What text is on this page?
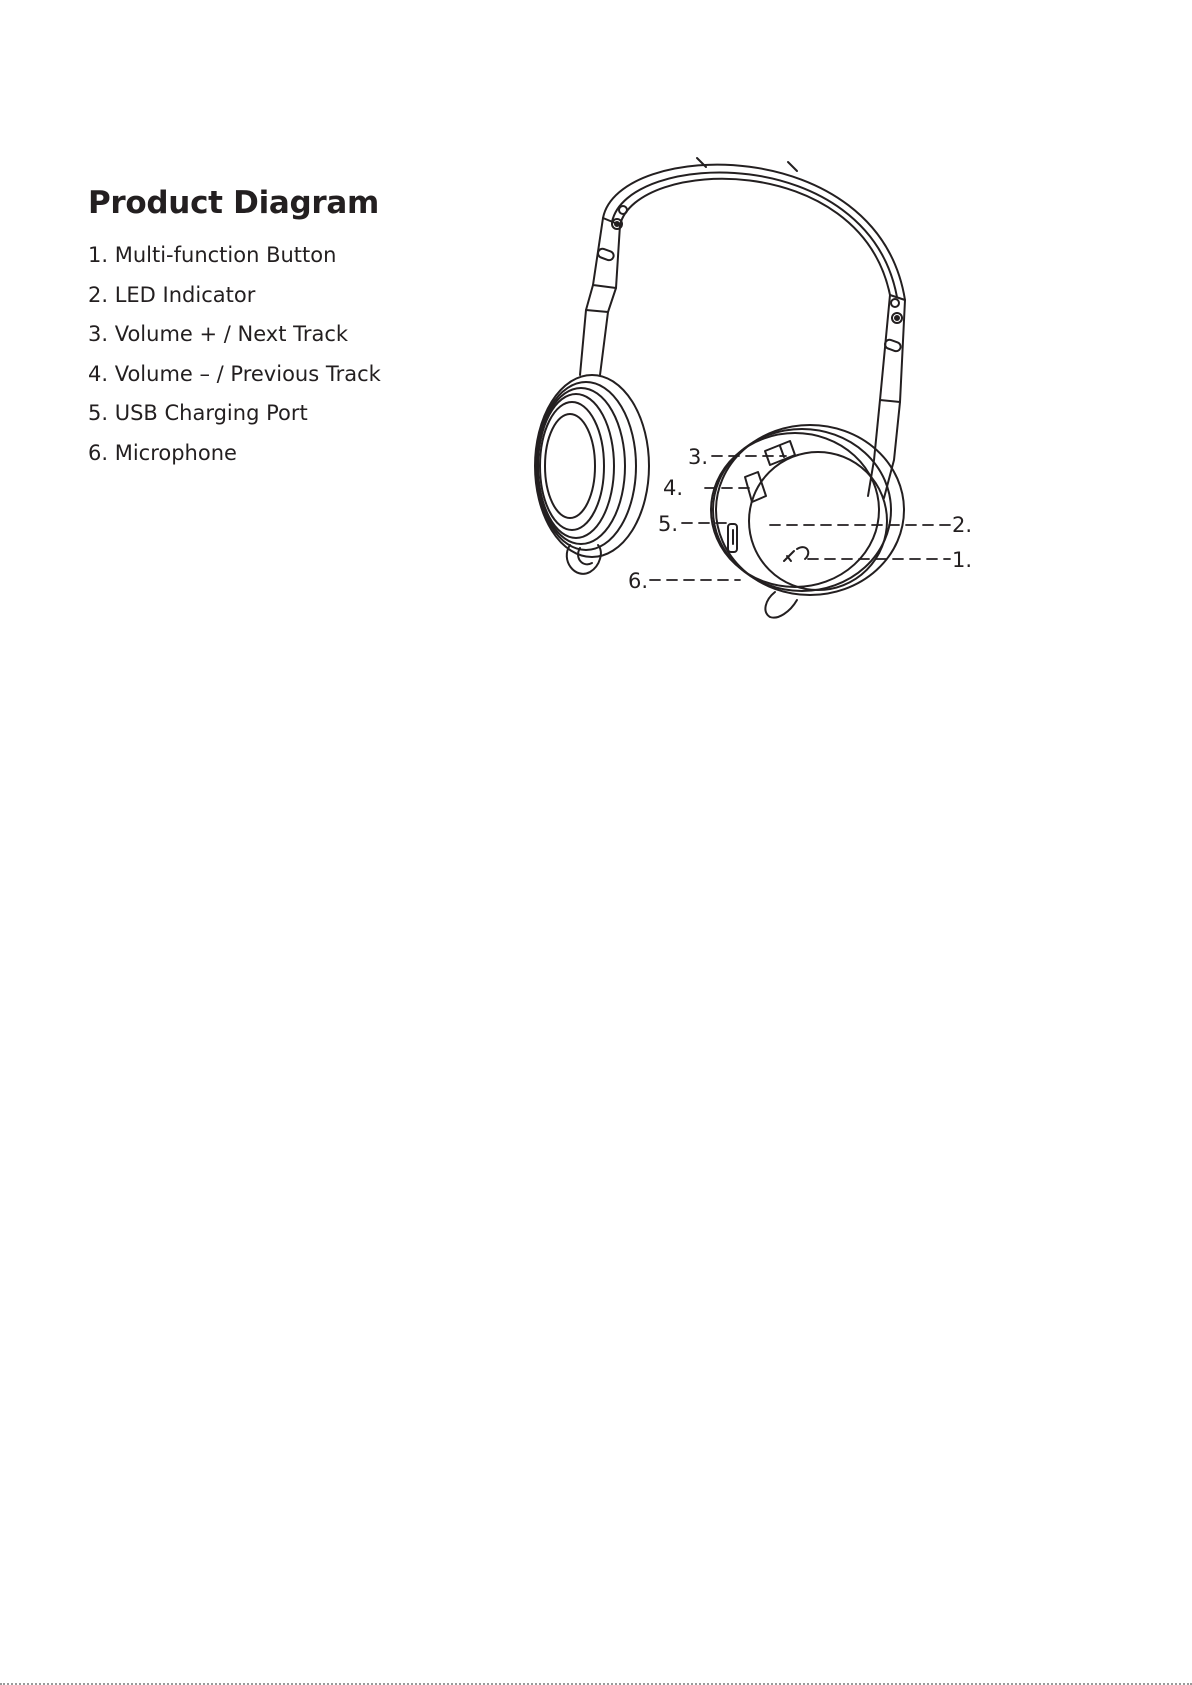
Product Diagram
1. Multi-function Button
2. LED Indicator
3. Volume + / Next Track
4. Volume – / Previous Track
5. USB Charging Port
6. Microphone	3.
4.
5.
6.
2.
1.
